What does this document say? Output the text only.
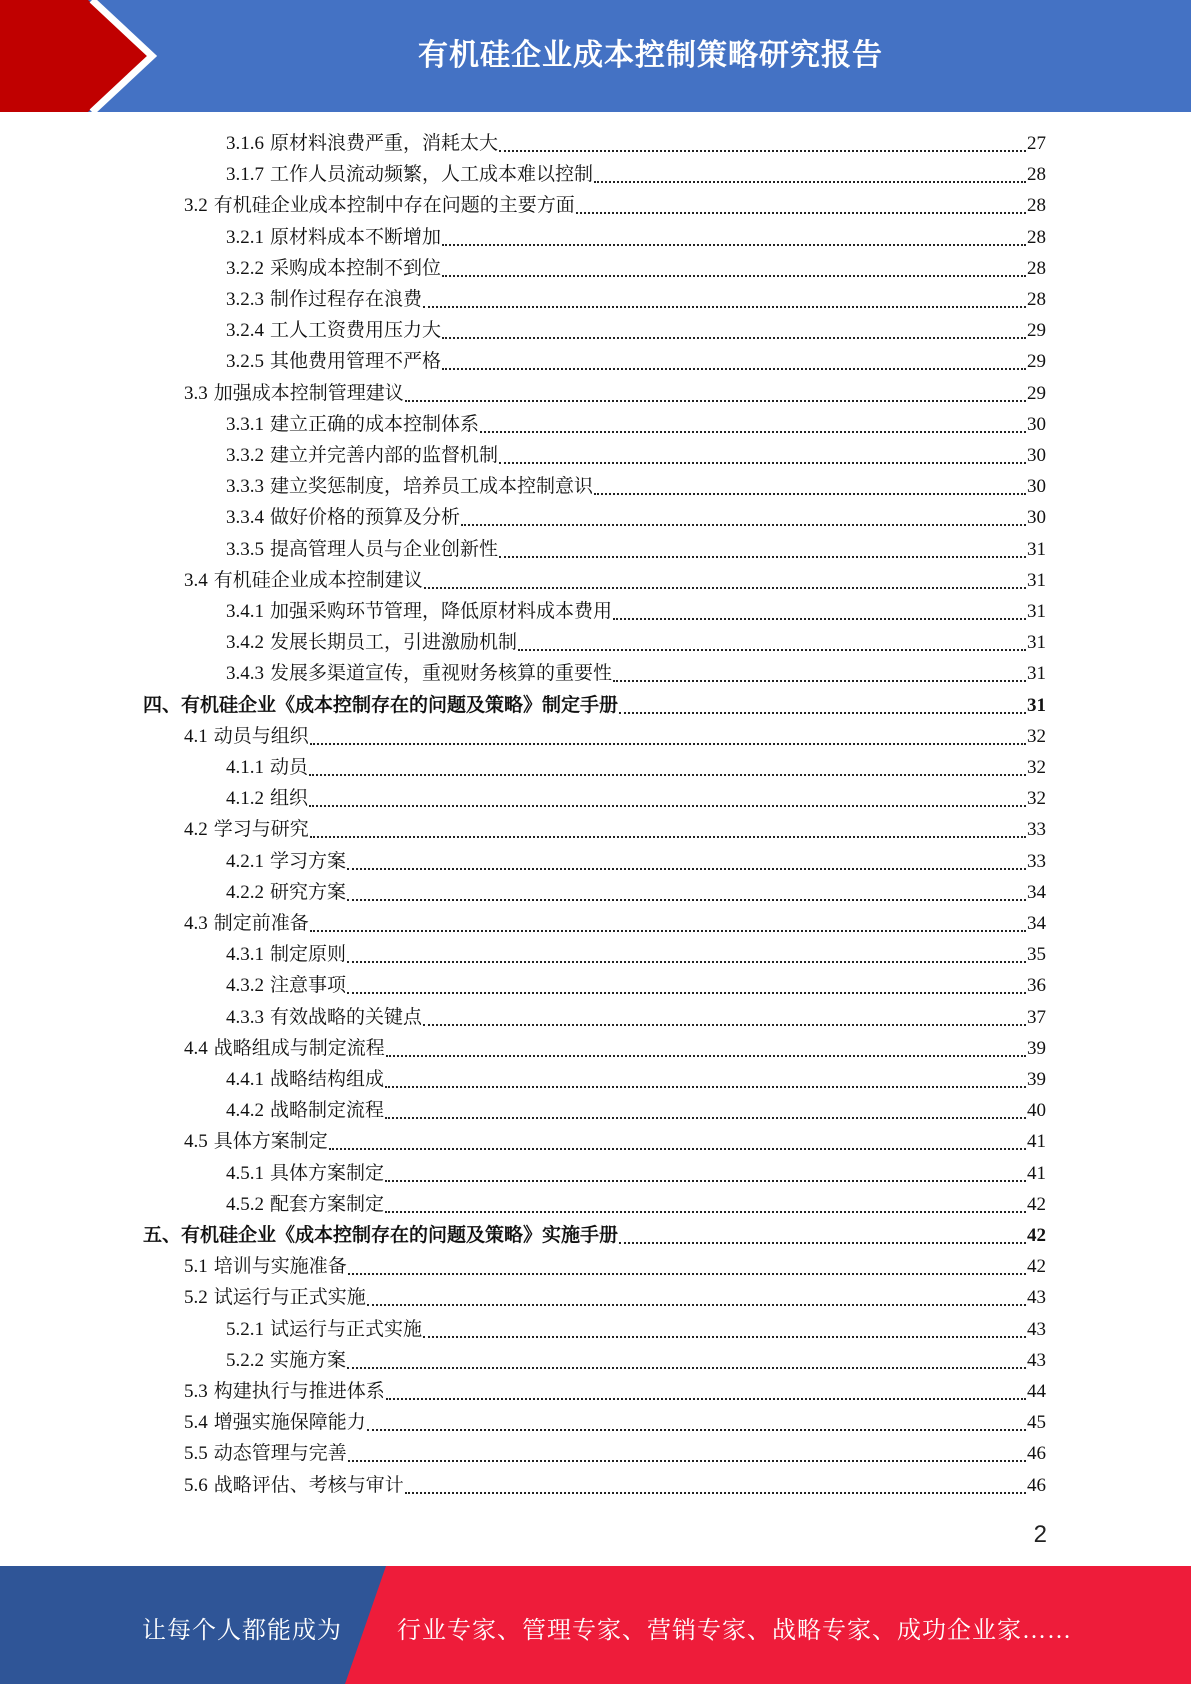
有机硅企业成本控制策略研究报告
3.1.6 原材料浪费严重，消耗太大	27
3.1.7 工作人员流动频繁，人工成本难以控制	28
3.2 有机硅企业成本控制中存在问题的主要方面	28
3.2.1 原材料成本不断增加	28
3.2.2 采购成本控制不到位	28
3.2.3 制作过程存在浪费	28
3.2.4 工人工资费用压力大	29
3.2.5 其他费用管理不严格	29
3.3 加强成本控制管理建议	29
3.3.1 建立正确的成本控制体系	30
3.3.2 建立并完善内部的监督机制	30
3.3.3 建立奖惩制度，培养员工成本控制意识	30
3.3.4 做好价格的预算及分析	30
3.3.5 提高管理人员与企业创新性	31
3.4 有机硅企业成本控制建议	31
3.4.1 加强采购环节管理，降低原材料成本费用	31
3.4.2 发展长期员工，引进激励机制	31
3.4.3 发展多渠道宣传，重视财务核算的重要性	31
四、有机硅企业《成本控制存在的问题及策略》制定手册	31
4.1 动员与组织	32
4.1.1 动员	32
4.1.2 组织	32
4.2 学习与研究	33
4.2.1 学习方案	33
4.2.2 研究方案	34
4.3 制定前准备	34
4.3.1 制定原则	35
4.3.2 注意事项	36
4.3.3 有效战略的关键点	37
4.4 战略组成与制定流程	39
4.4.1 战略结构组成	39
4.4.2 战略制定流程	40
4.5 具体方案制定	41
4.5.1 具体方案制定	41
4.5.2 配套方案制定	42
五、有机硅企业《成本控制存在的问题及策略》实施手册	42
5.1 培训与实施准备	42
5.2 试运行与正式实施	43
5.2.1 试运行与正式实施	43
5.2.2 实施方案	43
5.3 构建执行与推进体系	44
5.4 增强实施保障能力	45
5.5 动态管理与完善	46
5.6 战略评估、考核与审计	46
2
让每个人都能成为 行业专家、管理专家、营销专家、战略专家、成功企业家……
